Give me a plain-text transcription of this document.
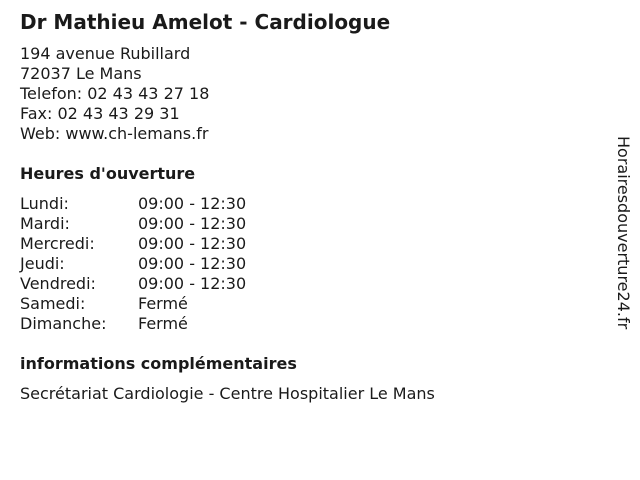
Dr Mathieu Amelot - Cardiologue
194 avenue Rubillard
72037 Le Mans
Telefon: 02 43 43 27 18
Fax: 02 43 43 29 31
Web: www.ch-lemans.fr
Heures d'ouverture
Lundi:	09:00 - 12:30
Mardi:	09:00 - 12:30
Mercredi:	09:00 - 12:30
Jeudi:	09:00 - 12:30
Vendredi:	09:00 - 12:30
Samedi:	Fermé
Dimanche:	Fermé
informations complémentaires
Secrétariat Cardiologie - Centre Hospitalier Le Mans
Horairesdouverture24.fr
